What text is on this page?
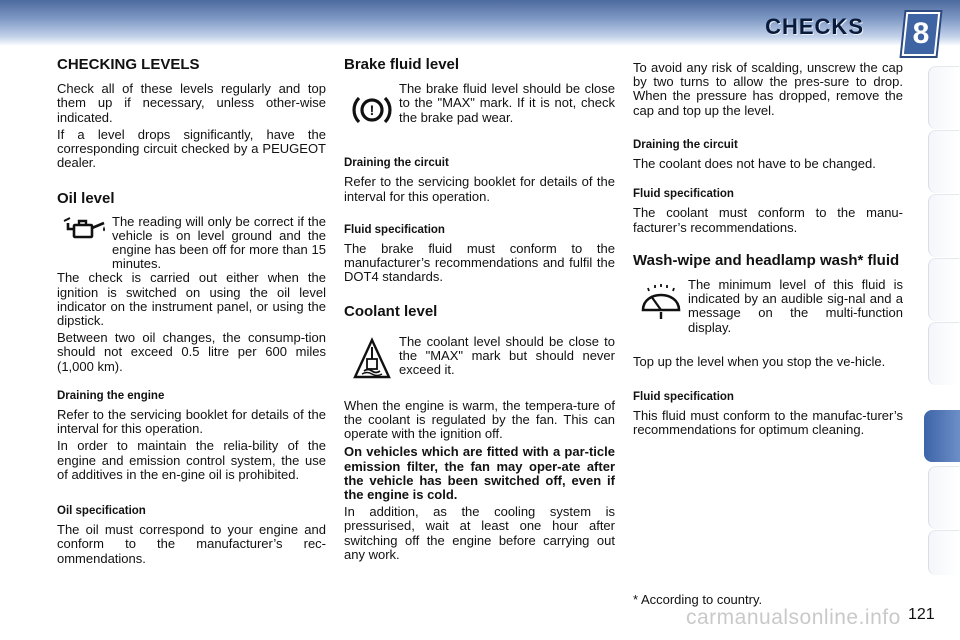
CHECKS 8
CHECKING LEVELS

Check all of these levels regularly and top them up if necessary, unless other-wise indicated.

If a level drops significantly, have the corresponding circuit checked by a PEUGEOT dealer.

Oil level
The reading will only be correct if the vehicle is on level ground and the engine has been off for more than 15 minutes.

The check is carried out either when the ignition is switched on using the oil level indicator on the instrument panel, or using the dipstick.

Between two oil changes, the consump-tion should not exceed 0.5 litre per 600 miles (1,000 km).

Draining the engine

Refer to the servicing booklet for details of the interval for this operation.

In order to maintain the relia-bility of the engine and emission control system, the use of additives in the en-gine oil is prohibited.

Oil specification

The oil must correspond to your engine and conform to the manufacturer’s rec-ommendations.

Brake fluid level
!
The brake fluid level should be close to the "MAX" mark. If it is not, check the brake pad wear.
Draining the circuit

Refer to the servicing booklet for details of the interval for this operation.

Fluid specification

The brake fluid must conform to the manufacturer’s recommendations and fulfil the DOT4 standards.

Coolant level
The coolant level should be close to the "MAX" mark but should never exceed it.

When the engine is warm, the tempera-ture of the coolant is regulated by the fan. This can operate with the ignition off.

On vehicles which are fitted with a par-ticle emission filter, the fan may oper-ate after the vehicle has been switched off, even if the engine is cold.

In addition, as the cooling system is pressurised, wait at least one hour after switching off the engine before carrying out any work.

To avoid any risk of scalding, unscrew the cap by two turns to allow the pres-sure to drop. When the pressure has dropped, remove the cap and top up the level.

Draining the circuit

The coolant does not have to be changed.

Fluid specification

The coolant must conform to the manu-facturer’s recommendations.

Wash-wipe and headlamp wash* fluid
The minimum level of this fluid is indicated by an audible sig-nal and a message on the multi-function display.

Top up the level when you stop the ve-hicle.

Fluid specification

This fluid must conform to the manufac-turer’s recommendations for optimum cleaning.

* According to country.
carmanualsonline.info 121
